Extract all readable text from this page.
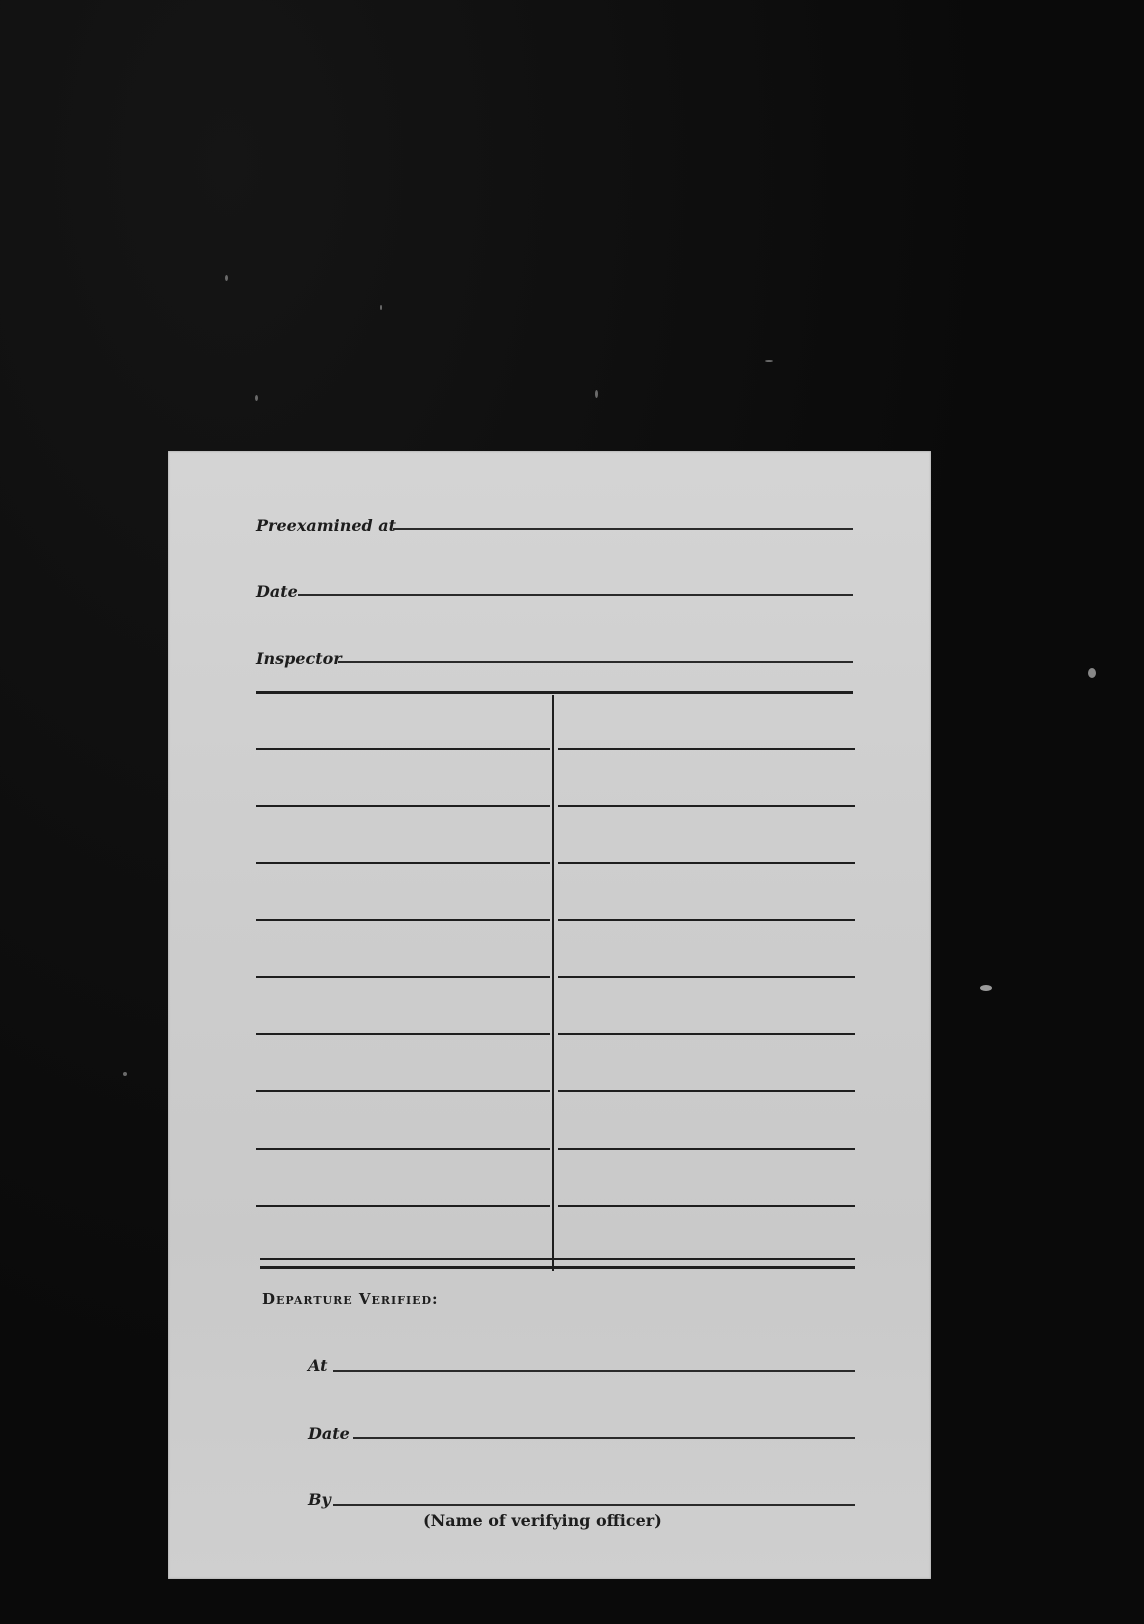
Preexamined at
Date
Inspector
Departure Verified:
At
Date
By
(Name of verifying officer)
